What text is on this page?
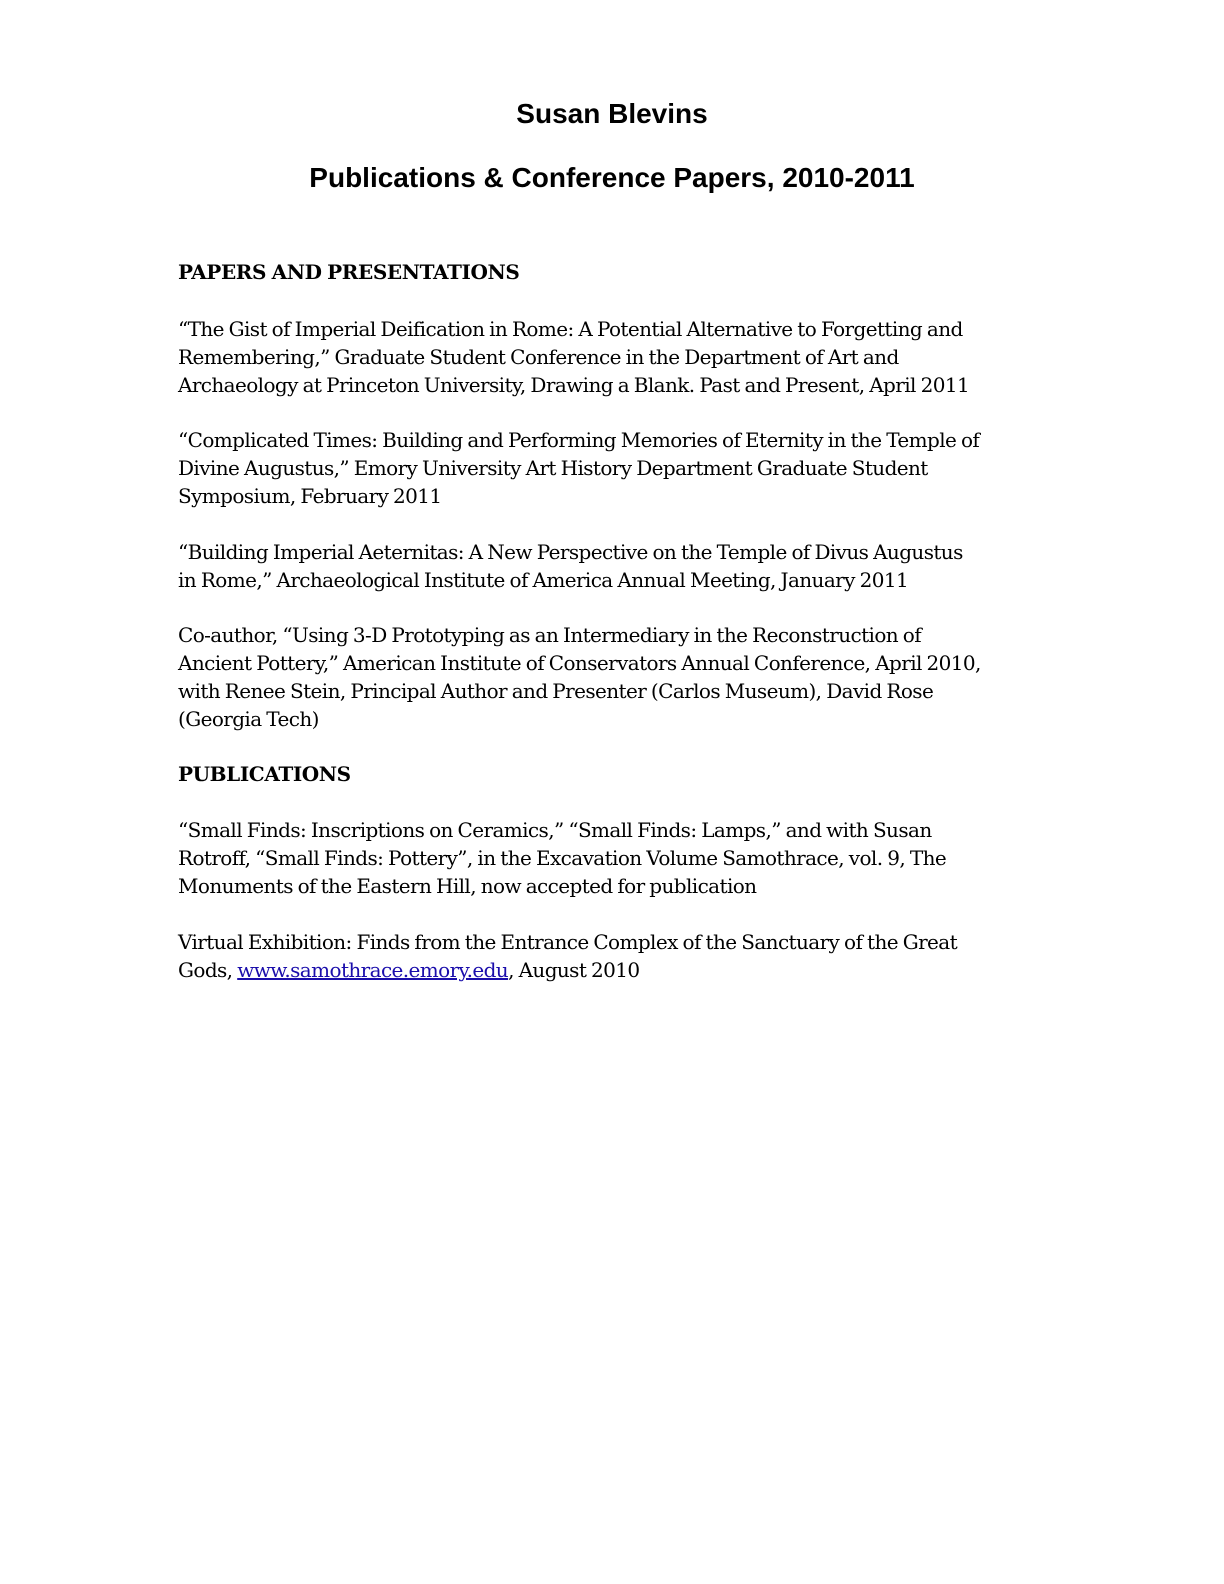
Susan Blevins
Publications & Conference Papers, 2010-2011
PAPERS AND PRESENTATIONS
“The Gist of Imperial Deification in Rome: A Potential Alternative to Forgetting and
Remembering,” Graduate Student Conference in the Department of Art and
Archaeology at Princeton University, Drawing a Blank. Past and Present, April 2011
“Complicated Times: Building and Performing Memories of Eternity in the Temple of
Divine Augustus,” Emory University Art History Department Graduate Student
Symposium, February 2011
“Building Imperial Aeternitas: A New Perspective on the Temple of Divus Augustus
in Rome,” Archaeological Institute of America Annual Meeting, January 2011
Co-author, “Using 3-D Prototyping as an Intermediary in the Reconstruction of
Ancient Pottery,” American Institute of Conservators Annual Conference, April 2010,
with Renee Stein, Principal Author and Presenter (Carlos Museum), David Rose
(Georgia Tech)
PUBLICATIONS
“Small Finds: Inscriptions on Ceramics,” “Small Finds: Lamps,” and with Susan
Rotroff, “Small Finds: Pottery”, in the Excavation Volume Samothrace, vol. 9, The
Monuments of the Eastern Hill, now accepted for publication
Virtual Exhibition: Finds from the Entrance Complex of the Sanctuary of the Great
Gods, www.samothrace.emory.edu, August 2010
